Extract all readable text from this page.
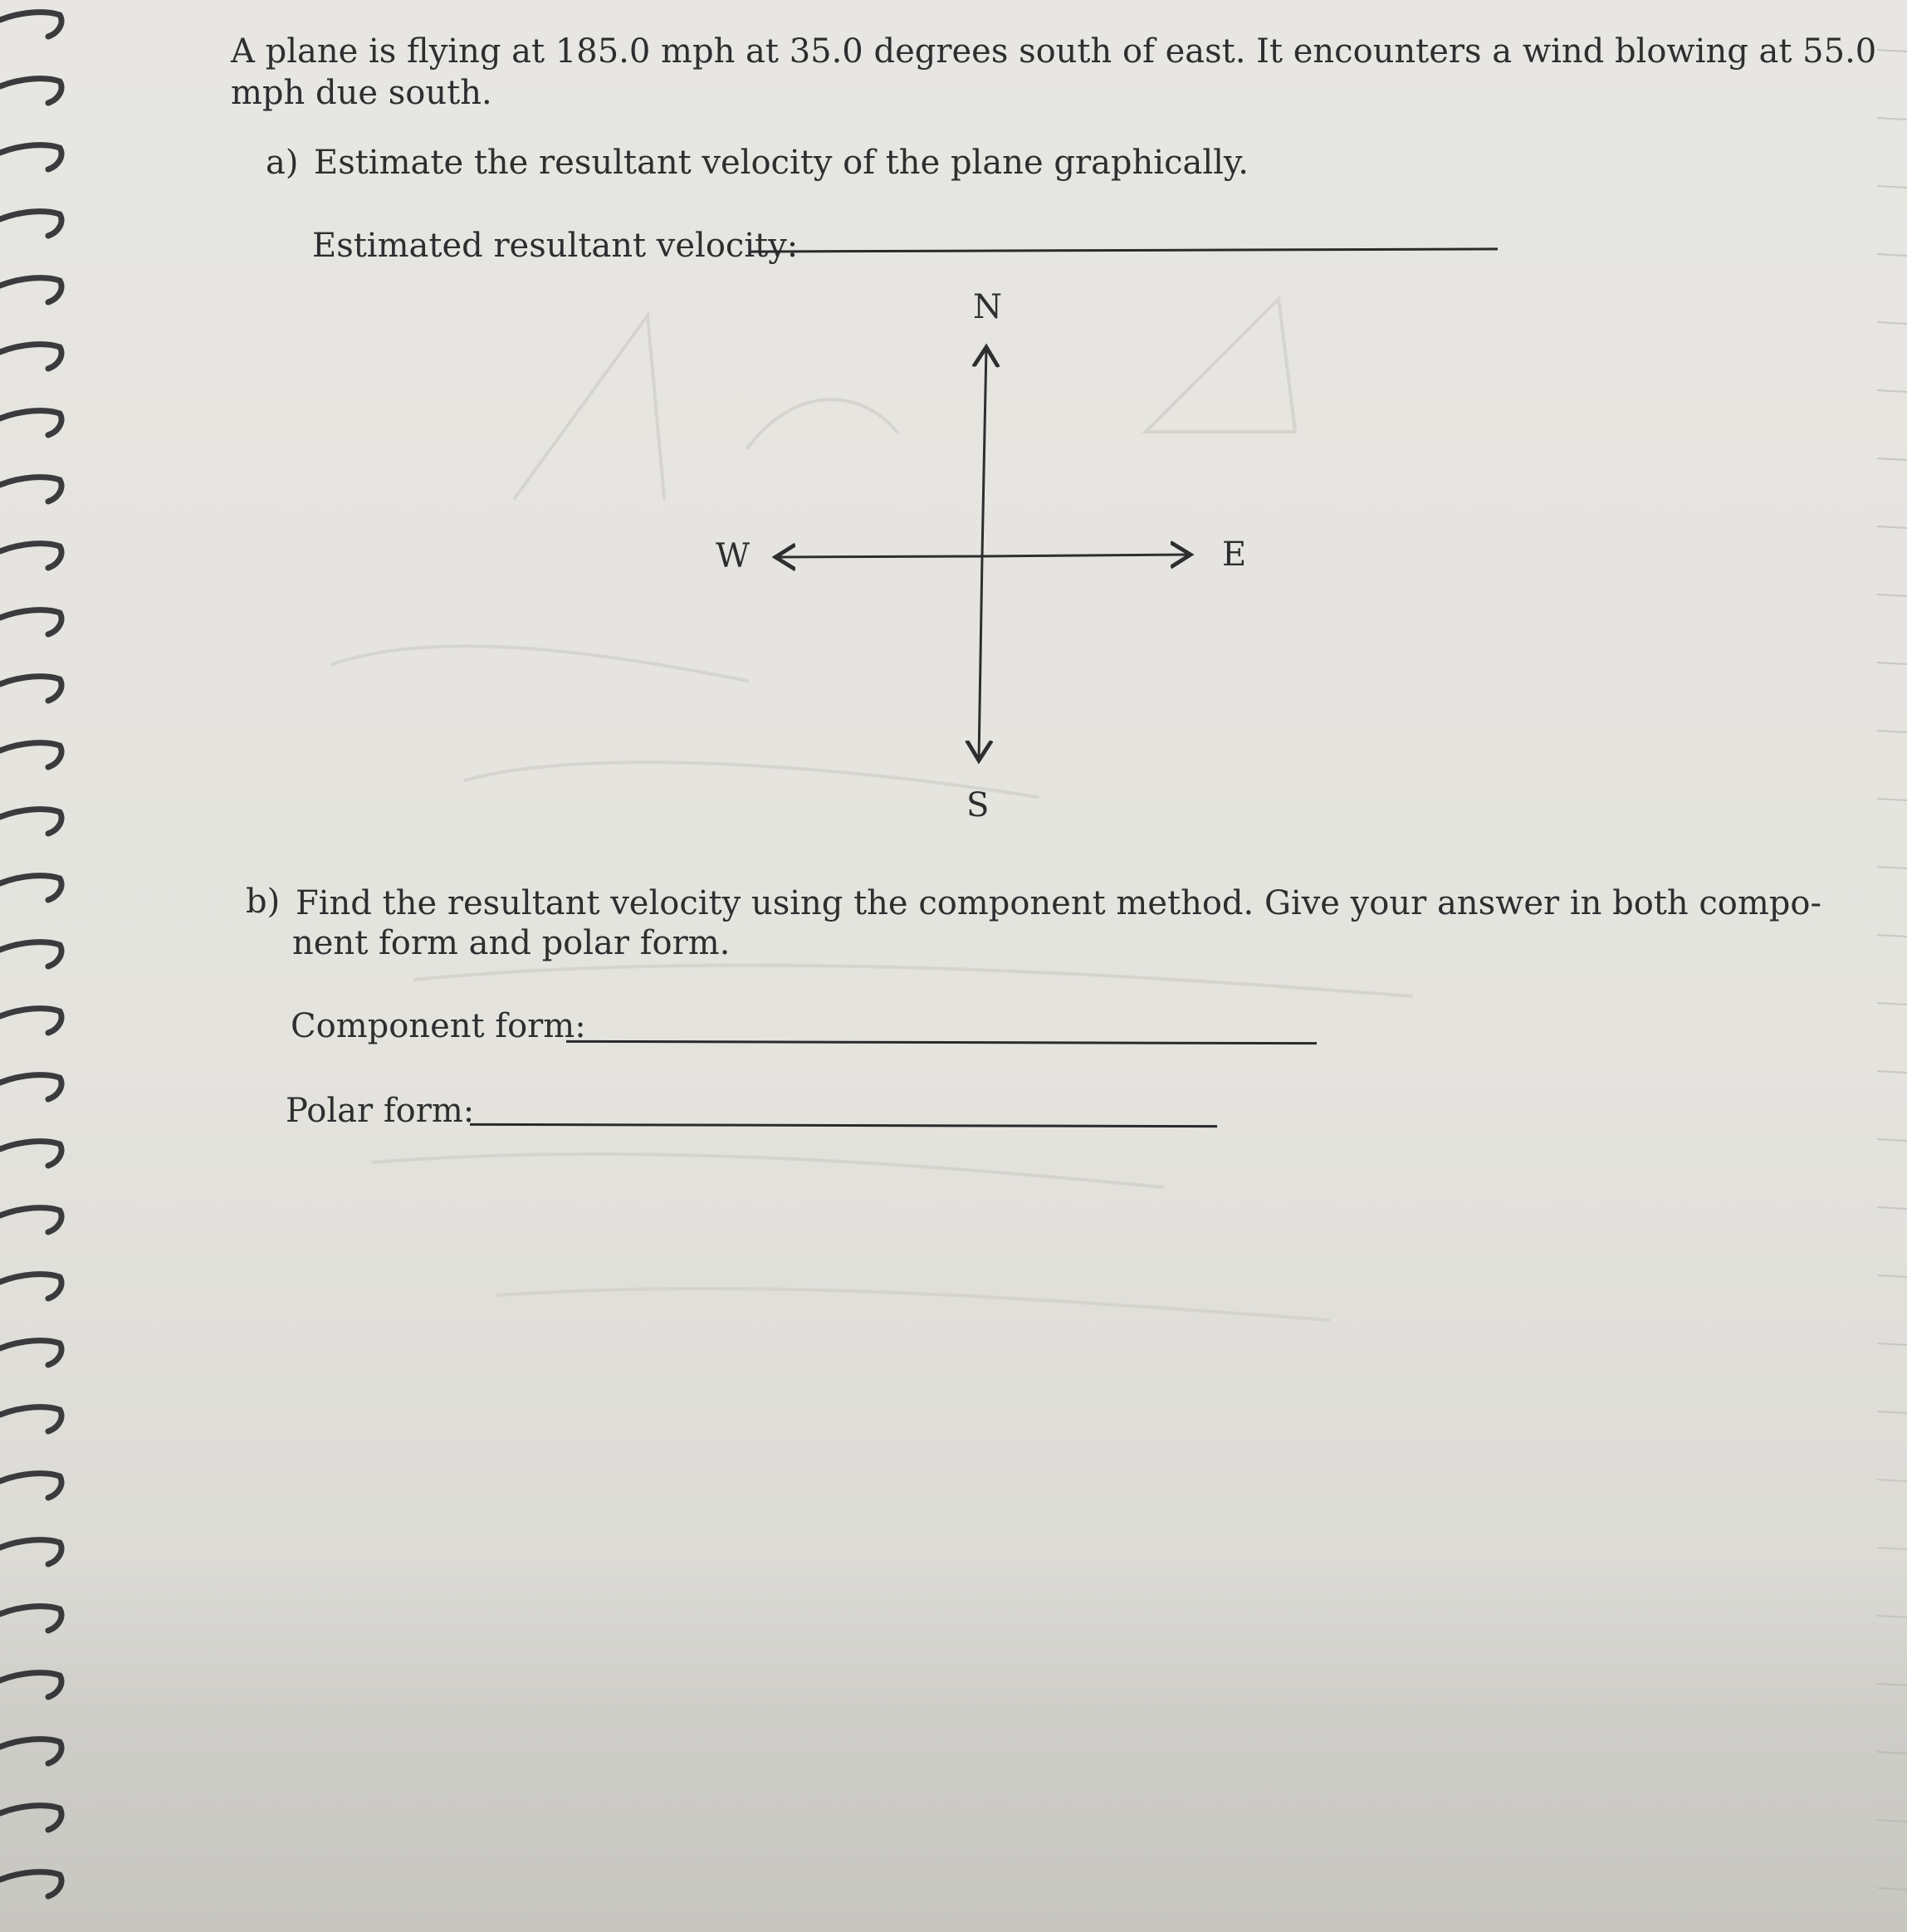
A plane is flying at 185.0 mph at 35.0 degrees south of east. It encounters a wind blowing at 55.0
mph due south.
a) Estimate the resultant velocity of the plane graphically.
Estimated resultant velocity:
N
S
E
W
b) Find the resultant velocity using the component method. Give your answer in both compo-
nent form and polar form.
Component form:
Polar form:
